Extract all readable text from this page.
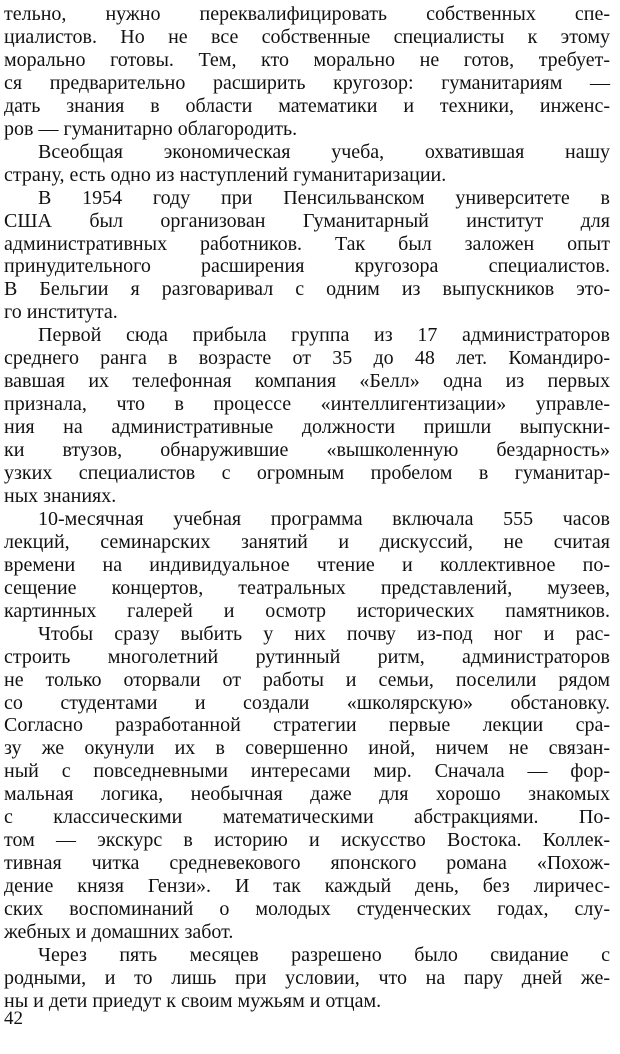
тельно, нужно переквалифицировать собственных спе-
циалистов. Но не все собственные специалисты к этому
морально готовы. Тем, кто морально не готов, требует-
ся предварительно расширить кругозор: гуманитариям —
дать знания в области математики и техники, инженс-
ров — гуманитарно облагородить.
Всеобщая экономическая учеба, охватившая нашу
страну, есть одно из наступлений гуманитаризации.
В 1954 году при Пенсильванском университете в
США был организован Гуманитарный институт для
административных работников. Так был заложен опыт
принудительного расширения кругозора специалистов.
В Бельгии я разговаривал с одним из выпускников это-
го института.
Первой сюда прибыла группа из 17 администраторов
среднего ранга в возрасте от 35 до 48 лет. Командиро-
вавшая их телефонная компания «Белл» одна из первых
признала, что в процессе «интеллигентизации» управле-
ния на административные должности пришли выпускни-
ки втузов, обнаружившие «вышколенную бездарность»
узких специалистов с огромным пробелом в гуманитар-
ных знаниях.
10-месячная учебная программа включала 555 часов
лекций, семинарских занятий и дискуссий, не считая
времени на индивидуальное чтение и коллективное по-
сещение концертов, театральных представлений, музеев,
картинных галерей и осмотр исторических памятников.
Чтобы сразу выбить у них почву из-под ног и рас-
строить многолетний рутинный ритм, администраторов
не только оторвали от работы и семьи, поселили рядом
со студентами и создали «школярскую» обстановку.
Согласно разработанной стратегии первые лекции сра-
зу же окунули их в совершенно иной, ничем не связан-
ный с повседневными интересами мир. Сначала — фор-
мальная логика, необычная даже для хорошо знакомых
с классическими математическими абстракциями. По-
том — экскурс в историю и искусство Востока. Коллек-
тивная читка средневекового японского романа «Похож-
дение князя Гензи». И так каждый день, без лиричес-
ских воспоминаний о молодых студенческих годах, слу-
жебных и домашних забот.
Через пять месяцев разрешено было свидание с
родными, и то лишь при условии, что на пару дней же-
ны и дети приедут к своим мужьям и отцам.
42
